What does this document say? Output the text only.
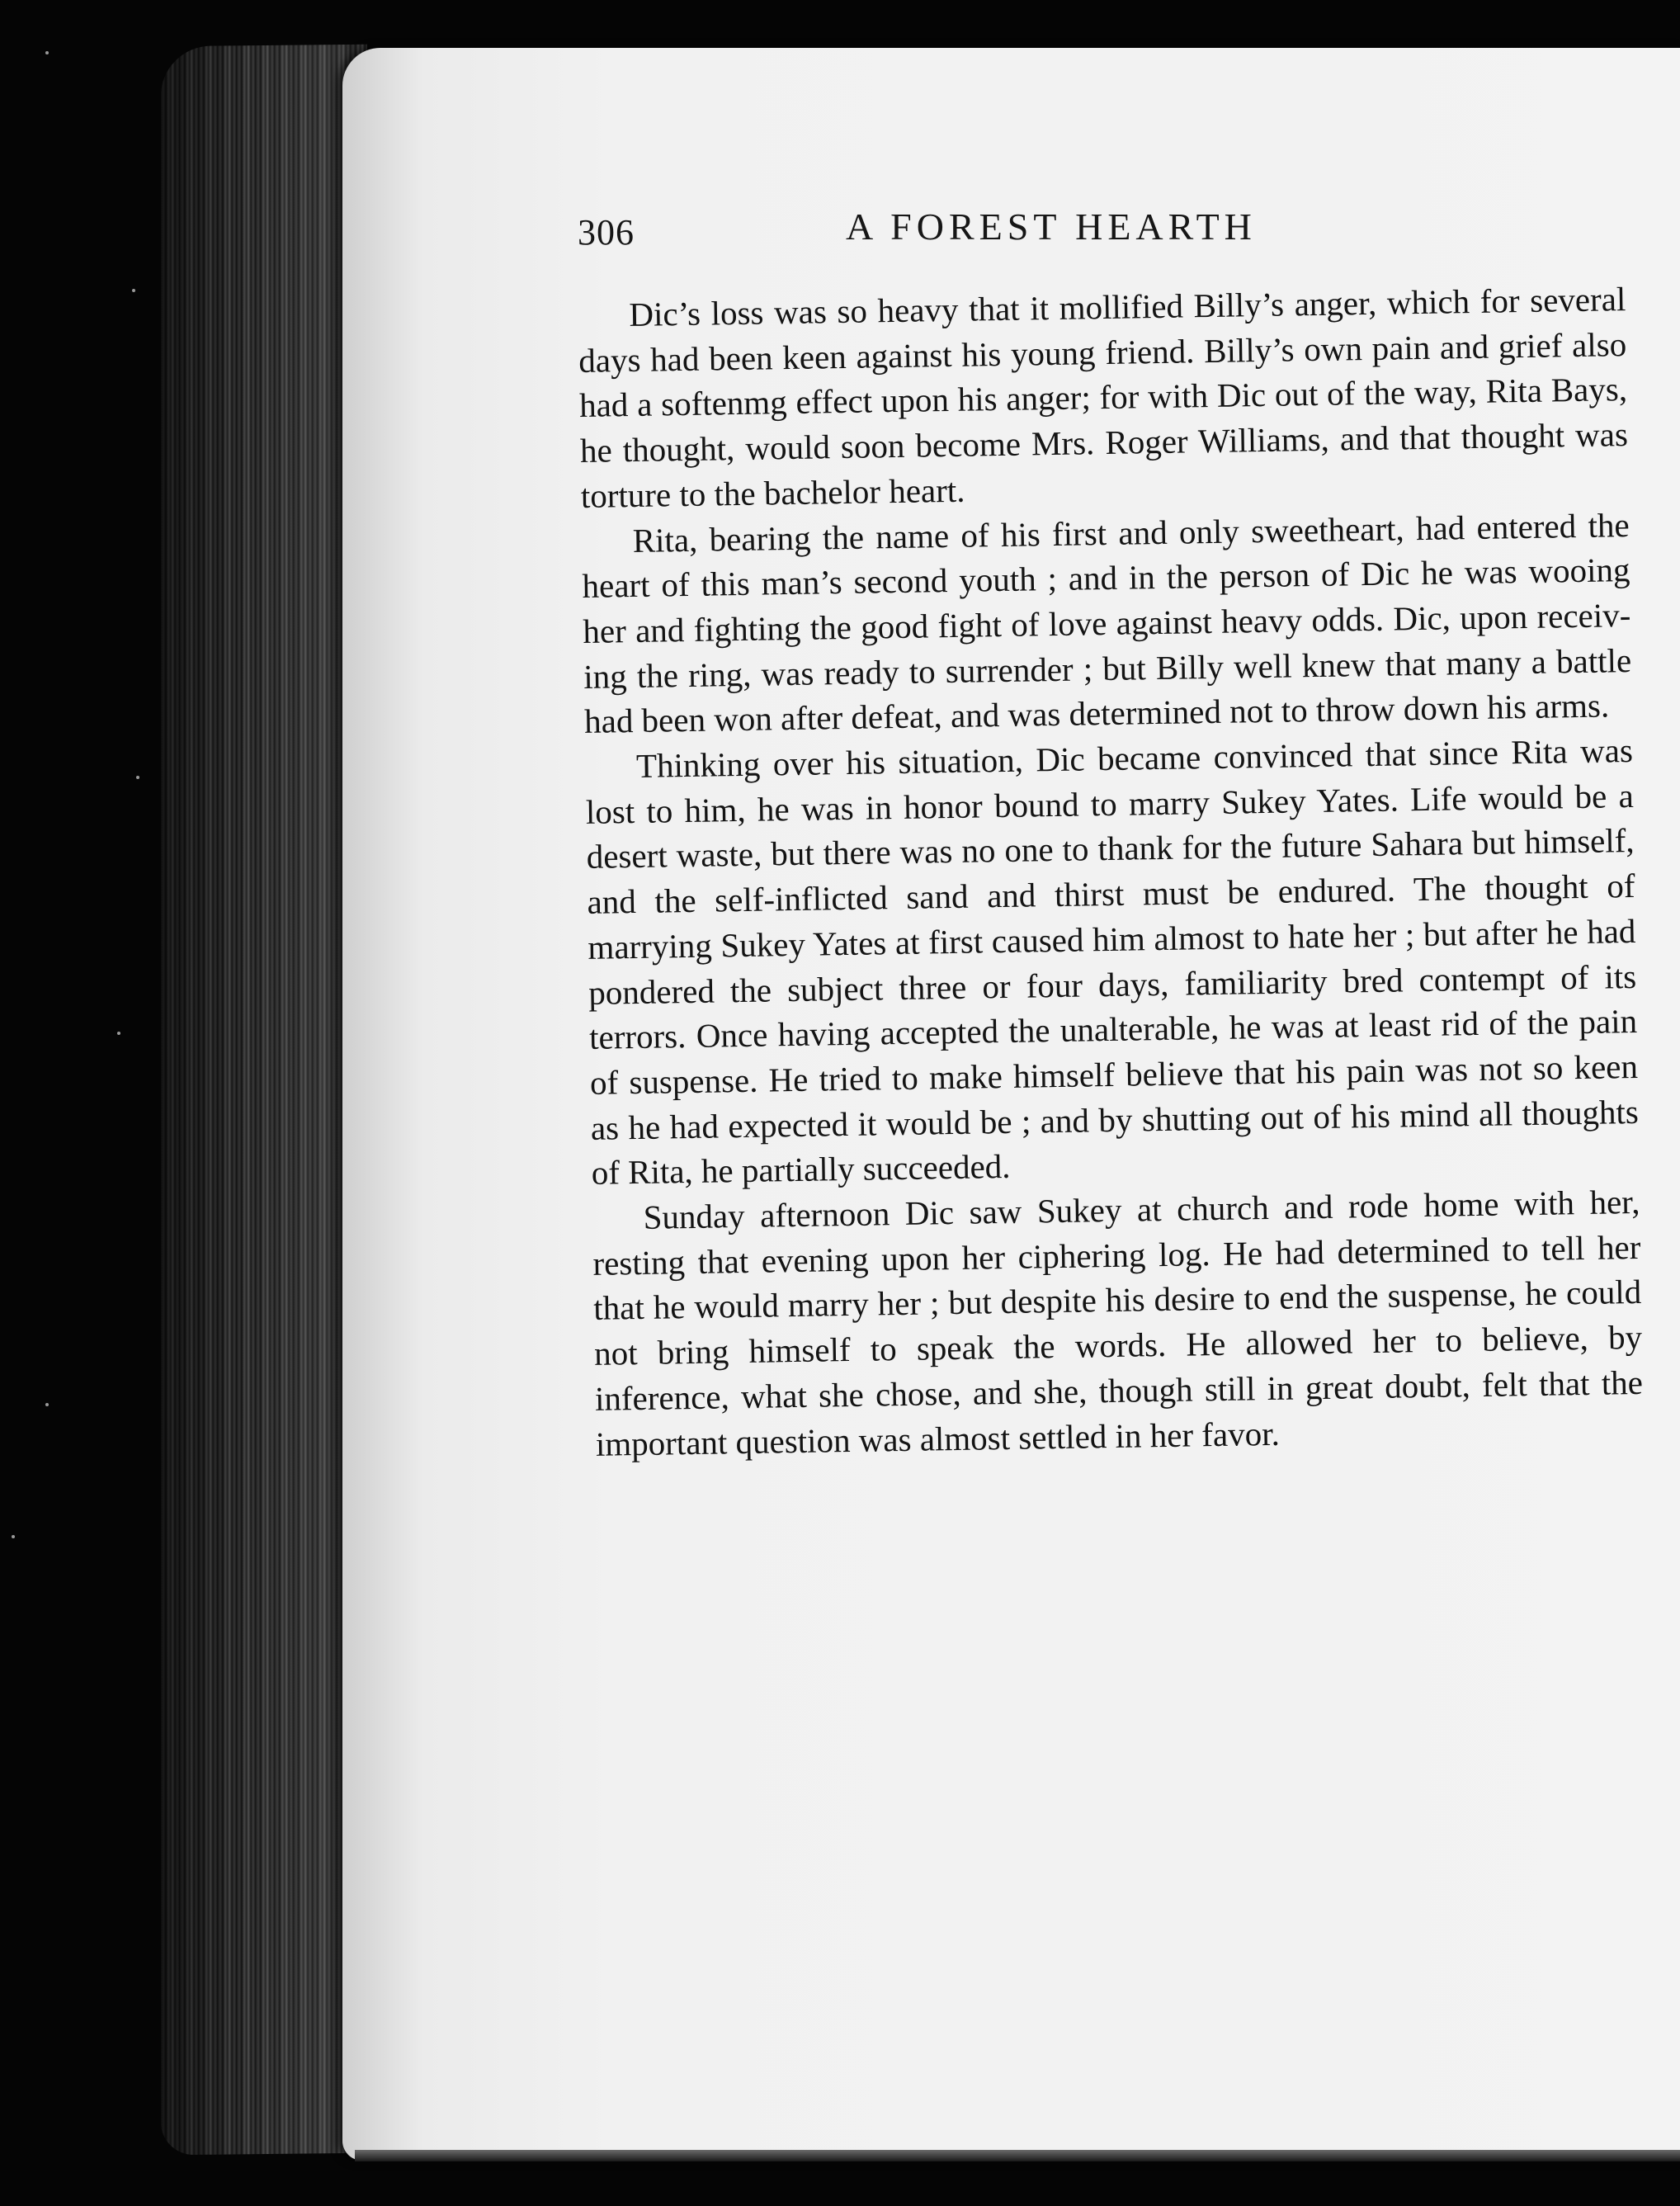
306	A FOREST HEARTH

Dic’s loss was so heavy that it mollified Billy’s anger, which for several days had been keen against his young friend. Billy’s own pain and grief also had a softenmg effect upon his anger; for with Dic out of the way, Rita Bays, he thought, would soon become Mrs. Roger Williams, and that thought was torture to the bachelor heart.

Rita, bearing the name of his first and only sweetheart, had entered the heart of this man’s second youth ; and in the person of Dic he was wooing her and fighting the good fight of love against heavy odds. Dic, upon receiv-ing the ring, was ready to surrender ; but Billy well knew that many a battle had been won after defeat, and was determined not to throw down his arms.

Thinking over his situation, Dic became convinced that since Rita was lost to him, he was in honor bound to marry Sukey Yates. Life would be a desert waste, but there was no one to thank for the future Sahara but himself, and the self-inflicted sand and thirst must be endured. The thought of marrying Sukey Yates at first caused him almost to hate her ; but after he had pondered the subject three or four days, familiarity bred contempt of its terrors. Once having accepted the unalterable, he was at least rid of the pain of suspense. He tried to make himself believe that his pain was not so keen as he had expected it would be ; and by shutting out of his mind all thoughts of Rita, he partially succeeded.

Sunday afternoon Dic saw Sukey at church and rode home with her, resting that evening upon her ciphering log. He had determined to tell her that he would marry her ; but despite his desire to end the suspense, he could not bring himself to speak the words. He allowed her to believe, by inference, what she chose, and she, though still in great doubt, felt that the important question was almost settled in her favor.
